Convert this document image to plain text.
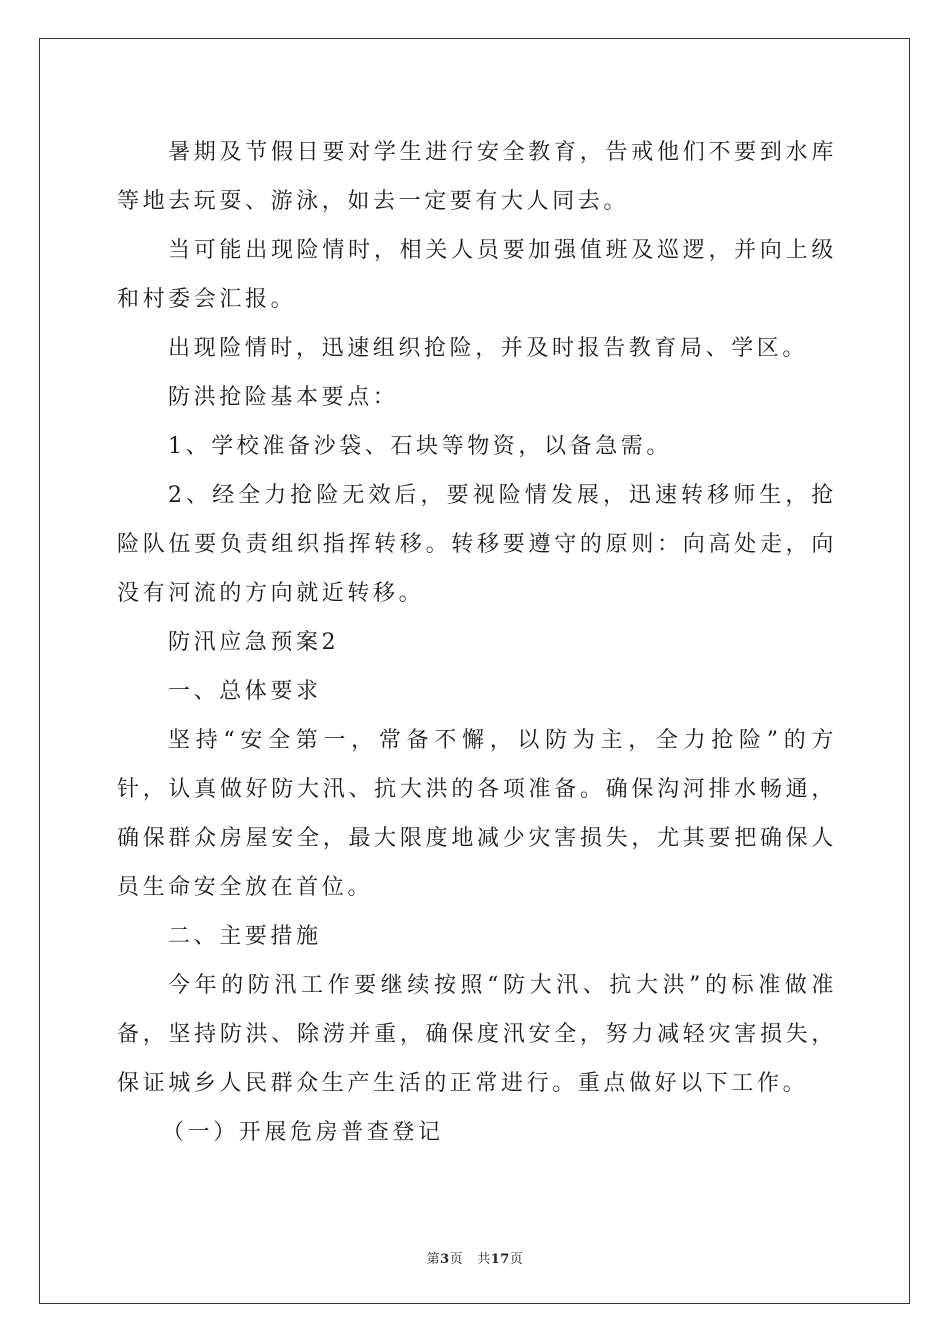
暑期及节假日要对学生进行安全教育，告戒他们不要到水库等地去玩耍、游泳，如去一定要有大人同去。

当可能出现险情时，相关人员要加强值班及巡逻，并向上级和村委会汇报。

出现险情时，迅速组织抢险，并及时报告教育局、学区。

防洪抢险基本要点：

1、学校准备沙袋、石块等物资，以备急需。

2、经全力抢险无效后，要视险情发展，迅速转移师生，抢险队伍要负责组织指挥转移。转移要遵守的原则：向高处走，向没有河流的方向就近转移。

防汛应急预案2

一、总体要求

坚持“安全第一，常备不懈，以防为主，全力抢险”的方针，认真做好防大汛、抗大洪的各项准备。确保沟河排水畅通，确保群众房屋安全，最大限度地减少灾害损失，尤其要把确保人员生命安全放在首位。

二、主要措施

今年的防汛工作要继续按照“防大汛、抗大洪”的标准做准备，坚持防洪、除涝并重，确保度汛安全，努力减轻灾害损失，保证城乡人民群众生产生活的正常进行。重点做好以下工作。

（一）开展危房普查登记

第3页 共17页
